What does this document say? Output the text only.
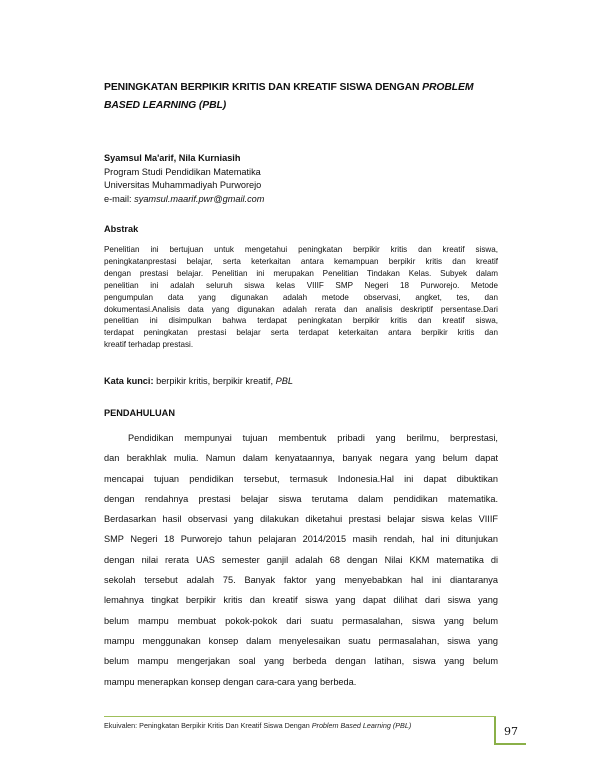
PENINGKATAN BERPIKIR KRITIS DAN KREATIF SISWA DENGAN PROBLEM
BASED LEARNING (PBL)
Syamsul Ma'arif, Nila Kurniasih
Program Studi Pendidikan Matematika
Universitas Muhammadiyah Purworejo
e-mail: syamsul.maarif.pwr@gmail.com
Abstrak
Penelitian ini bertujuan untuk mengetahui peningkatan berpikir kritis dan kreatif siswa,
peningkatanprestasi belajar, serta keterkaitan antara kemampuan berpikir kritis dan kreatif
dengan prestasi belajar. Penelitian ini merupakan Penelitian Tindakan Kelas. Subyek dalam
penelitian ini adalah seluruh siswa kelas VIIIF SMP Negeri 18 Purworejo. Metode
pengumpulan data yang digunakan adalah metode observasi, angket, tes, dan
dokumentasi.Analisis data yang digunakan adalah rerata dan analisis deskriptif persentase.Dari
penelitian ini disimpulkan bahwa terdapat peningkatan berpikir kritis dan kreatif siswa,
terdapat peningkatan prestasi belajar serta terdapat keterkaitan antara berpikir kritis dan
kreatif terhadap prestasi.
Kata kunci: berpikir kritis, berpikir kreatif, PBL
PENDAHULUAN
Pendidikan mempunyai tujuan membentuk pribadi yang berilmu, berprestasi,
dan berakhlak mulia. Namun dalam kenyataannya, banyak negara yang belum dapat
mencapai tujuan pendidikan tersebut, termasuk Indonesia.Hal ini dapat dibuktikan
dengan rendahnya prestasi belajar siswa terutama dalam pendidikan matematika.
Berdasarkan hasil observasi yang dilakukan diketahui prestasi belajar siswa kelas VIIIF
SMP Negeri 18 Purworejo tahun pelajaran 2014/2015 masih rendah, hal ini ditunjukan
dengan nilai rerata UAS semester ganjil adalah 68 dengan Nilai KKM matematika di
sekolah tersebut adalah 75. Banyak faktor yang menyebabkan hal ini diantaranya
lemahnya tingkat berpikir kritis dan kreatif siswa yang dapat dilihat dari siswa yang
belum mampu membuat pokok-pokok dari suatu permasalahan, siswa yang belum
mampu menggunakan konsep dalam menyelesaikan suatu permasalahan, siswa yang
belum mampu mengerjakan soal yang berbeda dengan latihan, siswa yang belum
mampu menerapkan konsep dengan cara-cara yang berbeda.
Ekuivalen: Peningkatan Berpikir Kritis Dan Kreatif Siswa Dengan Problem Based Learning (PBL)	97
